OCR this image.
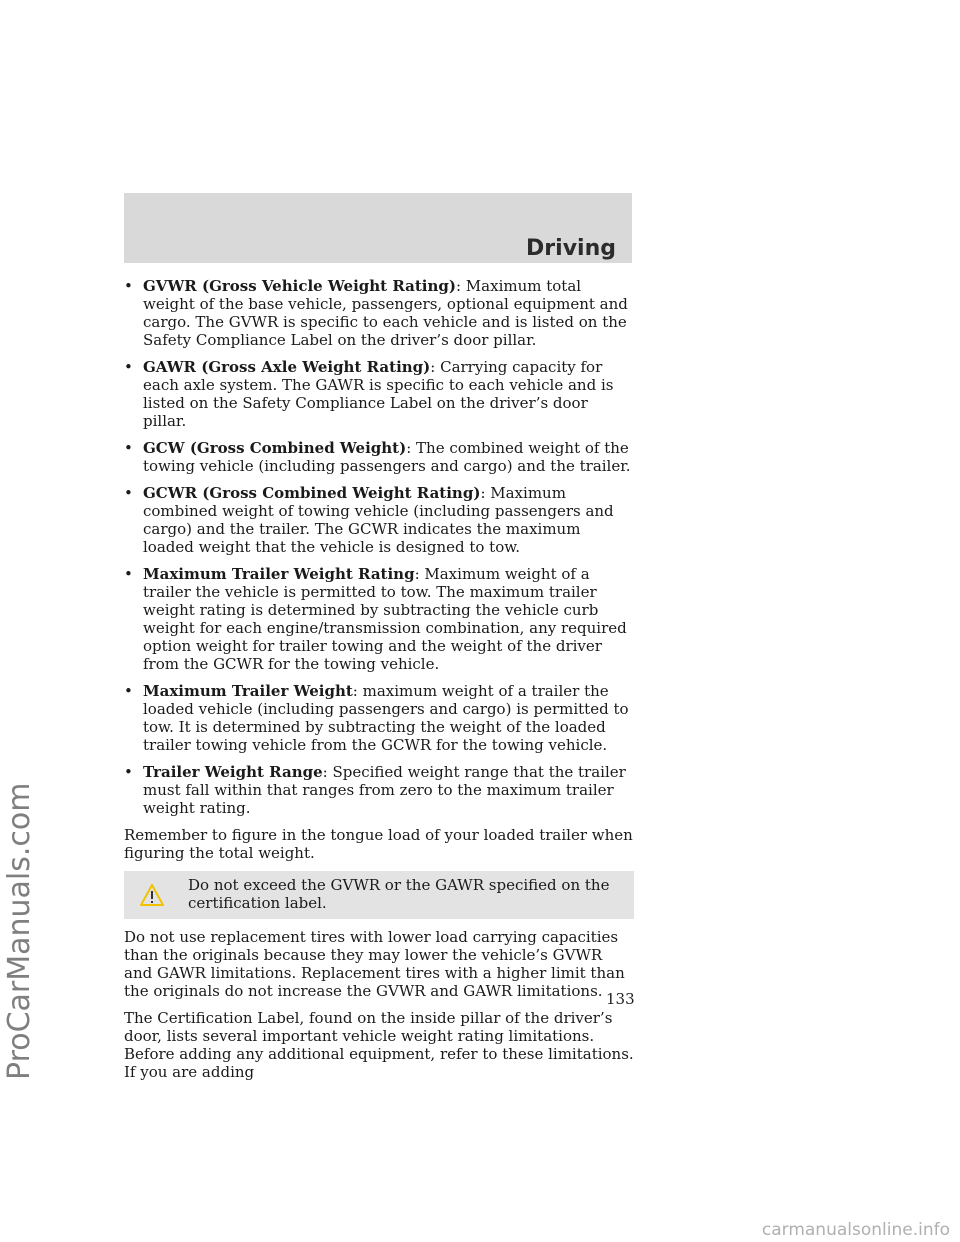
Driving
ProCarManuals.com
• GVWR (Gross Vehicle Weight Rating): Maximum total weight of the base vehicle, passengers, optional equipment and cargo. The GVWR is specific to each vehicle and is listed on the Safety Compliance Label on the driver’s door pillar.
• GAWR (Gross Axle Weight Rating): Carrying capacity for each axle system. The GAWR is specific to each vehicle and is listed on the Safety Compliance Label on the driver’s door pillar.
• GCW (Gross Combined Weight): The combined weight of the towing vehicle (including passengers and cargo) and the trailer.
• GCWR (Gross Combined Weight Rating): Maximum combined weight of towing vehicle (including passengers and cargo) and the trailer. The GCWR indicates the maximum loaded weight that the vehicle is designed to tow.
• Maximum Trailer Weight Rating: Maximum weight of a trailer the vehicle is permitted to tow. The maximum trailer weight rating is determined by subtracting the vehicle curb weight for each engine/transmission combination, any required option weight for trailer towing and the weight of the driver from the GCWR for the towing vehicle.
• Maximum Trailer Weight: maximum weight of a trailer the loaded vehicle (including passengers and cargo) is permitted to tow. It is determined by subtracting the weight of the loaded trailer towing vehicle from the GCWR for the towing vehicle.
• Trailer Weight Range: Specified weight range that the trailer must fall within that ranges from zero to the maximum trailer weight rating.

Remember to figure in the tongue load of your loaded trailer when figuring the total weight.

Do not exceed the GVWR or the GAWR specified on the certification label.

Do not use replacement tires with lower load carrying capacities than the originals because they may lower the vehicle’s GVWR and GAWR limitations. Replacement tires with a higher limit than the originals do not increase the GVWR and GAWR limitations.

The Certification Label, found on the inside pillar of the driver’s door, lists several important vehicle weight rating limitations. Before adding any additional equipment, refer to these limitations. If you are adding

133
carmanualsonline.info
